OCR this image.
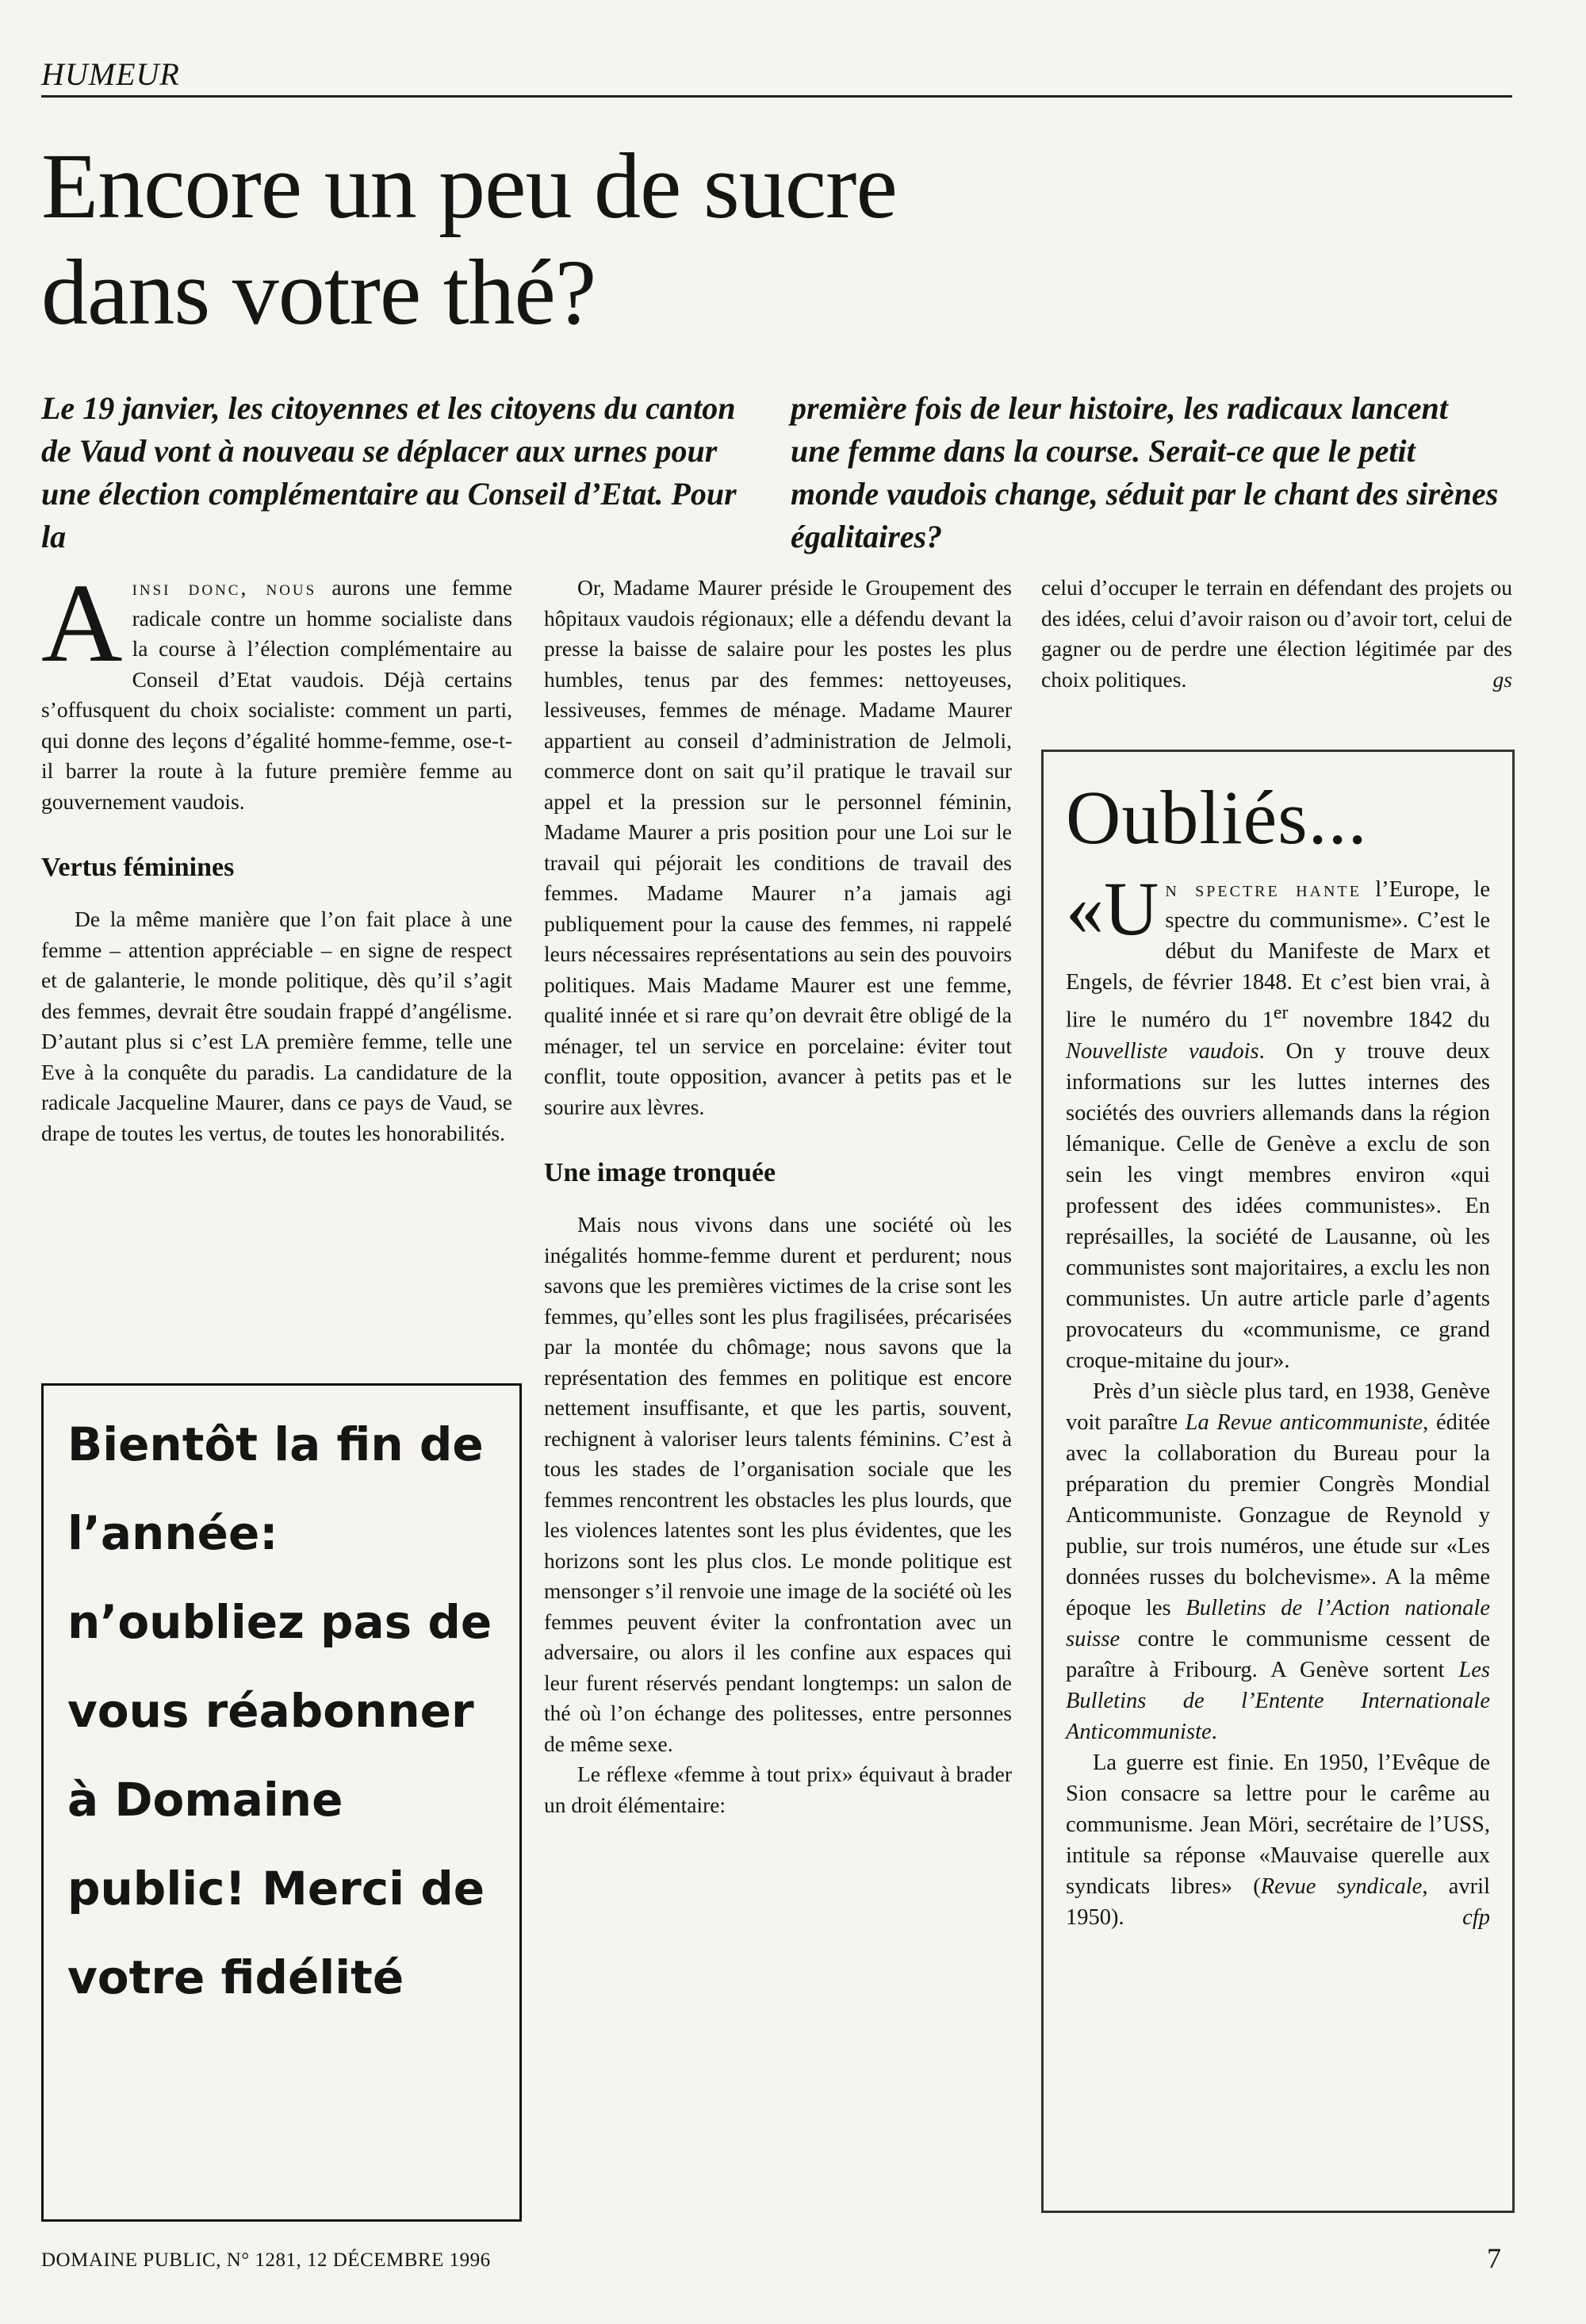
HUMEUR
Encore un peu de sucre
dans votre thé?
Le 19 janvier, les citoyennes et les citoyens du canton de Vaud vont à nouveau se déplacer aux urnes pour une élection complémentaire au Conseil d’Etat. Pour la
première fois de leur histoire, les radicaux lancent une femme dans la course. Serait-ce que le petit monde vaudois change, séduit par le chant des sirènes égalitaires?

Ainsi donc, nous aurons une femme radicale contre un homme socialiste dans la course à l’élection complémentaire au Conseil d’Etat vaudois. Déjà certains s’offusquent du choix socialiste: comment un parti, qui donne des leçons d’égalité homme-femme, ose-t-il barrer la route à la future première femme au gouvernement vaudois.

Vertus féminines

De la même manière que l’on fait place à une femme – attention appréciable – en signe de respect et de galanterie, le monde politique, dès qu’il s’agit des femmes, devrait être soudain frappé d’angélisme. D’autant plus si c’est LA première femme, telle une Eve à la conquête du paradis. La candidature de la radicale Jacqueline Maurer, dans ce pays de Vaud, se drape de toutes les vertus, de toutes les honorabilités.

Bientôt la fin de l’année: n’oubliez pas de vous réabonner à Domaine public! Merci de votre fidélité

Or, Madame Maurer préside le Groupement des hôpitaux vaudois régionaux; elle a défendu devant la presse la baisse de salaire pour les postes les plus humbles, tenus par des femmes: nettoyeuses, lessiveuses, femmes de ménage. Madame Maurer appartient au conseil d’administration de Jelmoli, commerce dont on sait qu’il pratique le travail sur appel et la pression sur le personnel féminin, Madame Maurer a pris position pour une Loi sur le travail qui péjorait les conditions de travail des femmes. Madame Maurer n’a jamais agi publiquement pour la cause des femmes, ni rappelé leurs nécessaires représentations au sein des pouvoirs politiques. Mais Madame Maurer est une femme, qualité innée et si rare qu’on devrait être obligé de la ménager, tel un service en porcelaine: éviter tout conflit, toute opposition, avancer à petits pas et le sourire aux lèvres.

Une image tronquée

Mais nous vivons dans une société où les inégalités homme-femme durent et perdurent; nous savons que les premières victimes de la crise sont les femmes, qu’elles sont les plus fragilisées, précarisées par la montée du chômage; nous savons que la représentation des femmes en politique est encore nettement insuffisante, et que les partis, souvent, rechignent à valoriser leurs talents féminins. C’est à tous les stades de l’organisation sociale que les femmes rencontrent les obstacles les plus lourds, que les violences latentes sont les plus évidentes, que les horizons sont les plus clos. Le monde politique est mensonger s’il renvoie une image de la société où les femmes peuvent éviter la confrontation avec un adversaire, ou alors il les confine aux espaces qui leur furent réservés pendant longtemps: un salon de thé où l’on échange des politesses, entre personnes de même sexe.

Le réflexe «femme à tout prix» équivaut à brader un droit élémentaire:

celui d’occuper le terrain en défendant des projets ou des idées, celui d’avoir raison ou d’avoir tort, celui de gagner ou de perdre une élection légitimée par des choix politiques.	gs

Oubliés...

«Un spectre hante l’Europe, le spectre du communisme». C’est le début du Manifeste de Marx et Engels, de février 1848. Et c’est bien vrai, à lire le numéro du 1er novembre 1842 du Nouvelliste vaudois. On y trouve deux informations sur les luttes internes des sociétés des ouvriers allemands dans la région lémanique. Celle de Genève a exclu de son sein les vingt membres environ «qui professent des idées communistes». En représailles, la société de Lausanne, où les communistes sont majoritaires, a exclu les non communistes. Un autre article parle d’agents provocateurs du «communisme, ce grand croque-mitaine du jour».

Près d’un siècle plus tard, en 1938, Genève voit paraître La Revue anticommuniste, éditée avec la collaboration du Bureau pour la préparation du premier Congrès Mondial Anticommuniste. Gonzague de Reynold y publie, sur trois numéros, une étude sur «Les données russes du bolchevisme». A la même époque les Bulletins de l’Action nationale suisse contre le communisme cessent de paraître à Fribourg. A Genève sortent Les Bulletins de l’Entente Internationale Anticommuniste.

La guerre est finie. En 1950, l’Evêque de Sion consacre sa lettre pour le carême au communisme. Jean Möri, secrétaire de l’USS, intitule sa réponse «Mauvaise querelle aux syndicats libres» (Revue syndicale, avril 1950).	cfp

DOMAINE PUBLIC, N° 1281, 12 DÉCEMBRE 1996	7
